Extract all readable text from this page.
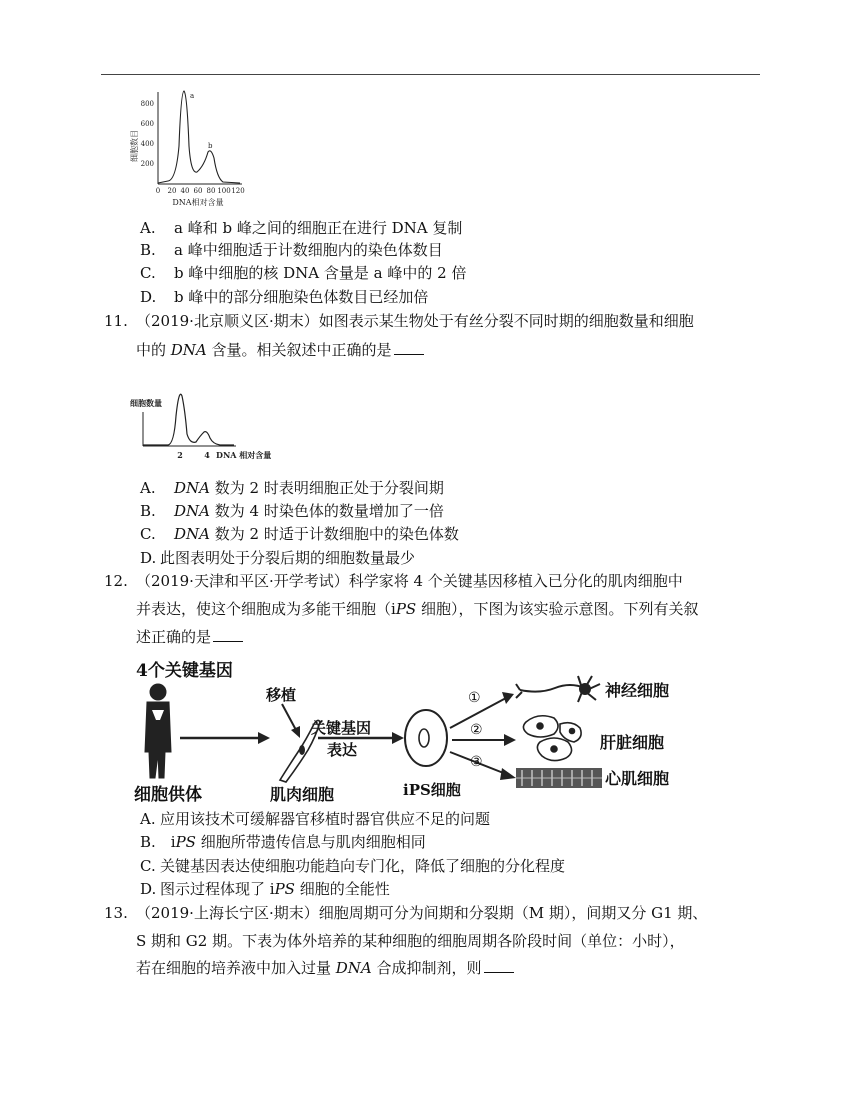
细胞数目
800
600
400
200
a
b
0 20 40 60 80 100 120
DNA相对含量
A. a 峰和 b 峰之间的细胞正在进行 DNA 复制
B. a 峰中细胞适于计数细胞内的染色体数目
C. b 峰中细胞的核 DNA 含量是 a 峰中的 2 倍
D. b 峰中的部分细胞染色体数目已经加倍
11. （2019·北京顺义区·期末）如图表示某生物处于有丝分裂不同时期的细胞数量和细胞
中的 DNA 含量。相关叙述中正确的是
细胞数量
2	4 DNA 相对含量
A. DNA 数为 2 时表明细胞正处于分裂间期
B. DNA 数为 4 时染色体的数量增加了一倍
C. DNA 数为 2 时适于计数细胞中的染色体数
D. 此图表明处于分裂后期的细胞数量最少
12. （2019·天津和平区·开学考试）科学家将 4 个关键基因移植入已分化的肌肉细胞中
并表达，使这个细胞成为多能干细胞（iPS 细胞），下图为该实验示意图。下列有关叙
述正确的是
4个关键基因
移植
关键基因
表达
细胞供体	肌肉细胞	iPS细胞
神经细胞
肝脏细胞
心肌细胞
①
②
③
A. 应用该技术可缓解器官移植时器官供应不足的问题
B. iPS 细胞所带遗传信息与肌肉细胞相同
C. 关键基因表达使细胞功能趋向专门化，降低了细胞的分化程度
D. 图示过程体现了 iPS 细胞的全能性
13. （2019·上海长宁区·期末）细胞周期可分为间期和分裂期（M 期），间期又分 G1 期、
S 期和 G2 期。下表为体外培养的某种细胞的细胞周期各阶段时间（单位：小时），
若在细胞的培养液中加入过量 DNA 合成抑制剂，则
